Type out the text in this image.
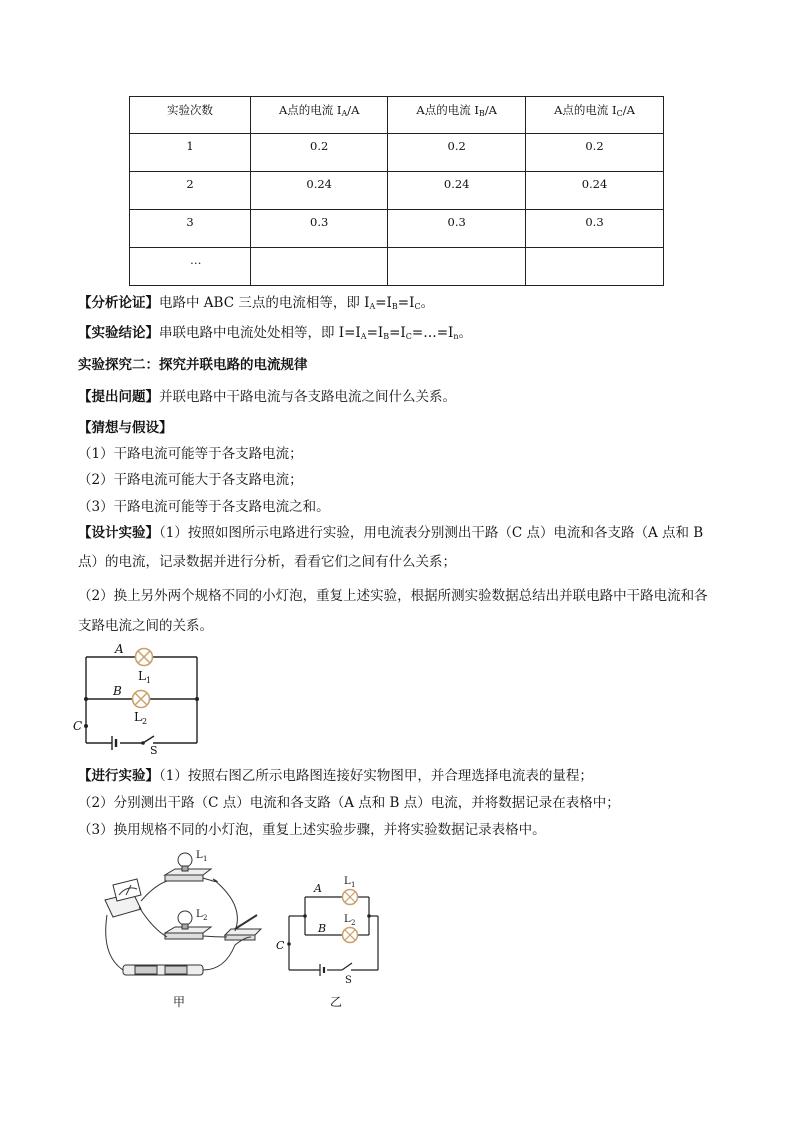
实验次数	A点的电流 $I_A/A$	A点的电流 $I_B/A$	A点的电流 $I_C/A$
1	0.2	0.2	0.2
2	0.24	0.24	0.24
3	0.3	0.3	0.3
…			
【分析论证】电路中 ABC 三点的电流相等，即 $I_A=I_B=I_C$。
【实验结论】串联电路中电流处处相等，即 $I=I_A=I_B=I_C=\dots=I_n$。
实验探究二：探究并联电路的电流规律
【提出问题】并联电路中干路电流与各支路电流之间什么关系。
【猜想与假设】
（1）干路电流可能等于各支路电流；
（2）干路电流可能大于各支路电流；
（3）干路电流可能等于各支路电流之和。
【设计实验】（1）按照如图所示电路进行实验，用电流表分别测出干路（C 点）电流和各支路（A 点和 B
点）的电流，记录数据并进行分析，看看它们之间有什么关系；
（2）换上另外两个规格不同的小灯泡，重复上述实验，根据所测实验数据总结出并联电路中干路电流和各
支路电流之间的关系。
A
B
C
L 1
L 2
S
【进行实验】（1）按照右图乙所示电路图连接好实物图甲，并合理选择电流表的量程；
（2）分别测出干路（C 点）电流和各支路（A 点和 B 点）电流，并将数据记录在表格中；
（3）换用规格不同的小灯泡，重复上述实验步骤，并将实验数据记录表格中。
L 1
L 2
甲
A
B
C
L 1
L 2
S
乙
